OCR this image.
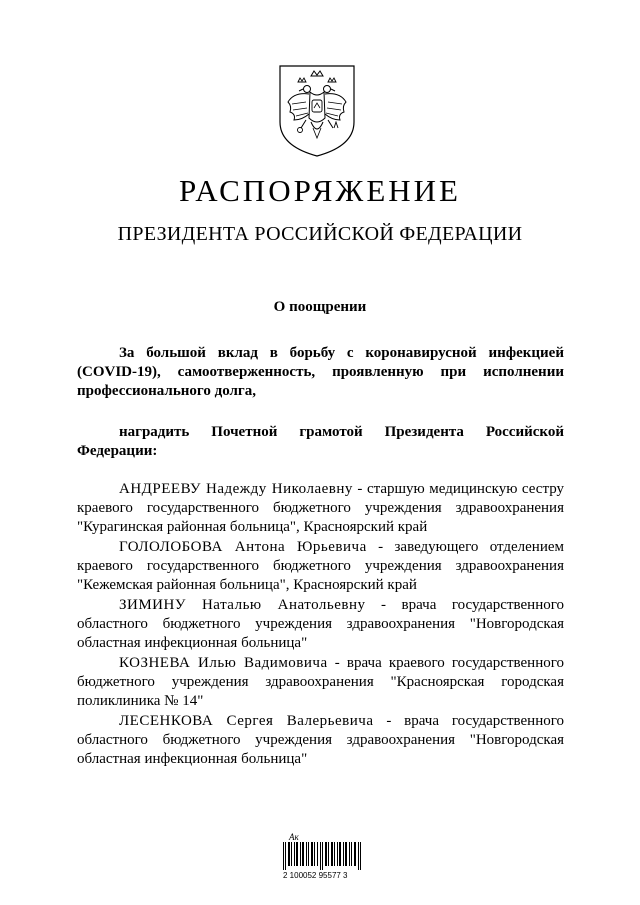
РАСПОРЯЖЕНИЕ
ПРЕЗИДЕНТА РОССИЙСКОЙ ФЕДЕРАЦИИ
О поощрении

За большой вклад в борьбу с коронавирусной инфекцией (COVID-19), самоотверженность, проявленную при исполнении профессионального долга,

наградить Почетной грамотой Президента Российской Федерации:

АНДРЕЕВУ Надежду Николаевну - старшую медицинскую сестру краевого государственного бюджетного учреждения здравоохранения "Курагинская районная больница", Красноярский край

ГОЛОЛОБОВА Антона Юрьевича - заведующего отделением краевого государственного бюджетного учреждения здравоохранения "Кежемская районная больница", Красноярский край

ЗИМИНУ Наталью Анатольевну - врача государственного областного бюджетного учреждения здравоохранения "Новгородская областная инфекционная больница"

КОЗНЕВА Илью Вадимовича - врача краевого государственного бюджетного учреждения здравоохранения "Красноярская городская поликлиника № 14"

ЛЕСЕНКОВА Сергея Валерьевича - врача государственного областного бюджетного учреждения здравоохранения "Новгородская областная инфекционная больница"

Ак
2 100052 95577 3
